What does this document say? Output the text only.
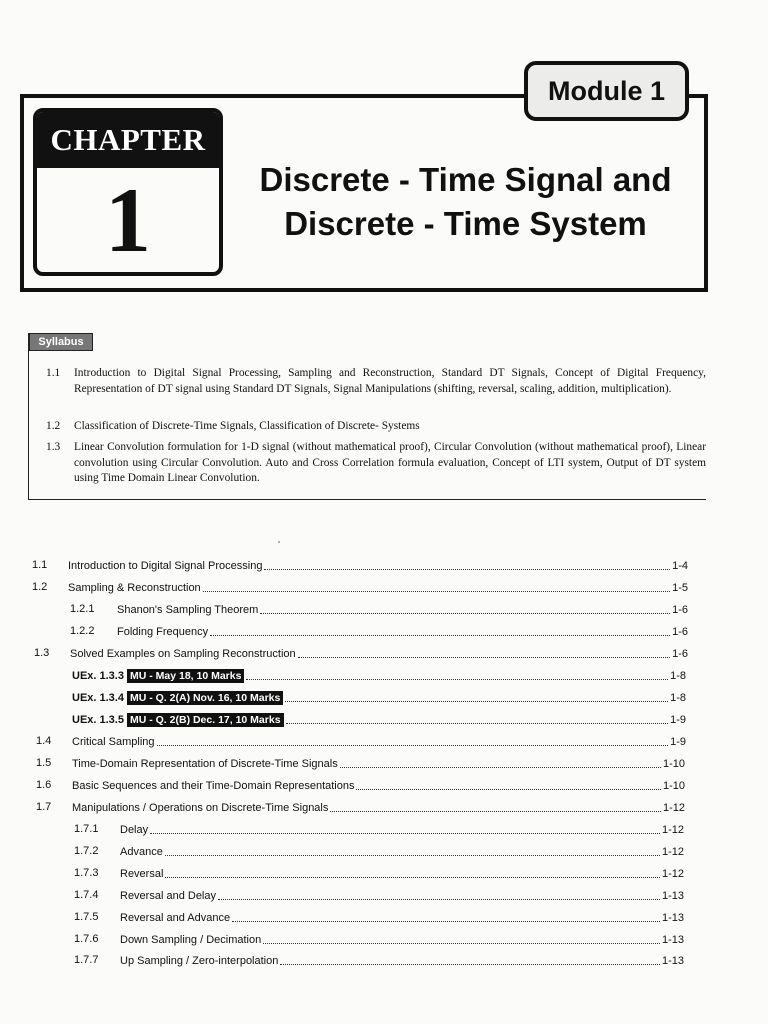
Module 1
CHAPTER
1	Discrete - Time Signal and
Discrete - Time System
Syllabus
1.1	Introduction to Digital Signal Processing, Sampling and Reconstruction, Standard DT Signals, Concept of Digital Frequency, Representation of DT signal using Standard DT Signals, Signal Manipulations (shifting, reversal, scaling, addition, multiplication).
1.2	Classification of Discrete-Time Signals, Classification of Discrete- Systems
1.3	Linear Convolution formulation for 1-D signal (without mathematical proof), Circular Convolution (without mathematical proof), Linear convolution using Circular Convolution. Auto and Cross Correlation formula evaluation, Concept of LTI system, Output of DT system using Time Domain Linear Convolution.
1.1 Introduction to Digital Signal Processing	1-4
1.2 Sampling & Reconstruction	1-5
1.2.1 Shanon's Sampling Theorem	1-6
1.2.2 Folding Frequency	1-6
1.3 Solved Examples on Sampling Reconstruction	1-6
UEx. 1.3.3 MU - May 18, 10 Marks	1-8
UEx. 1.3.4 MU - Q. 2(A) Nov. 16, 10 Marks	1-8
UEx. 1.3.5 MU - Q. 2(B) Dec. 17, 10 Marks	1-9
1.4 Critical Sampling	1-9
1.5 Time-Domain Representation of Discrete-Time Signals	1-10
1.6 Basic Sequences and their Time-Domain Representations	1-10
1.7 Manipulations / Operations on Discrete-Time Signals	1-12
1.7.1 Delay	1-12
1.7.2 Advance	1-12
1.7.3 Reversal	1-12
1.7.4 Reversal and Delay	1-13
1.7.5 Reversal and Advance	1-13
1.7.6 Down Sampling / Decimation	1-13
1.7.7 Up Sampling / Zero-interpolation	1-13
